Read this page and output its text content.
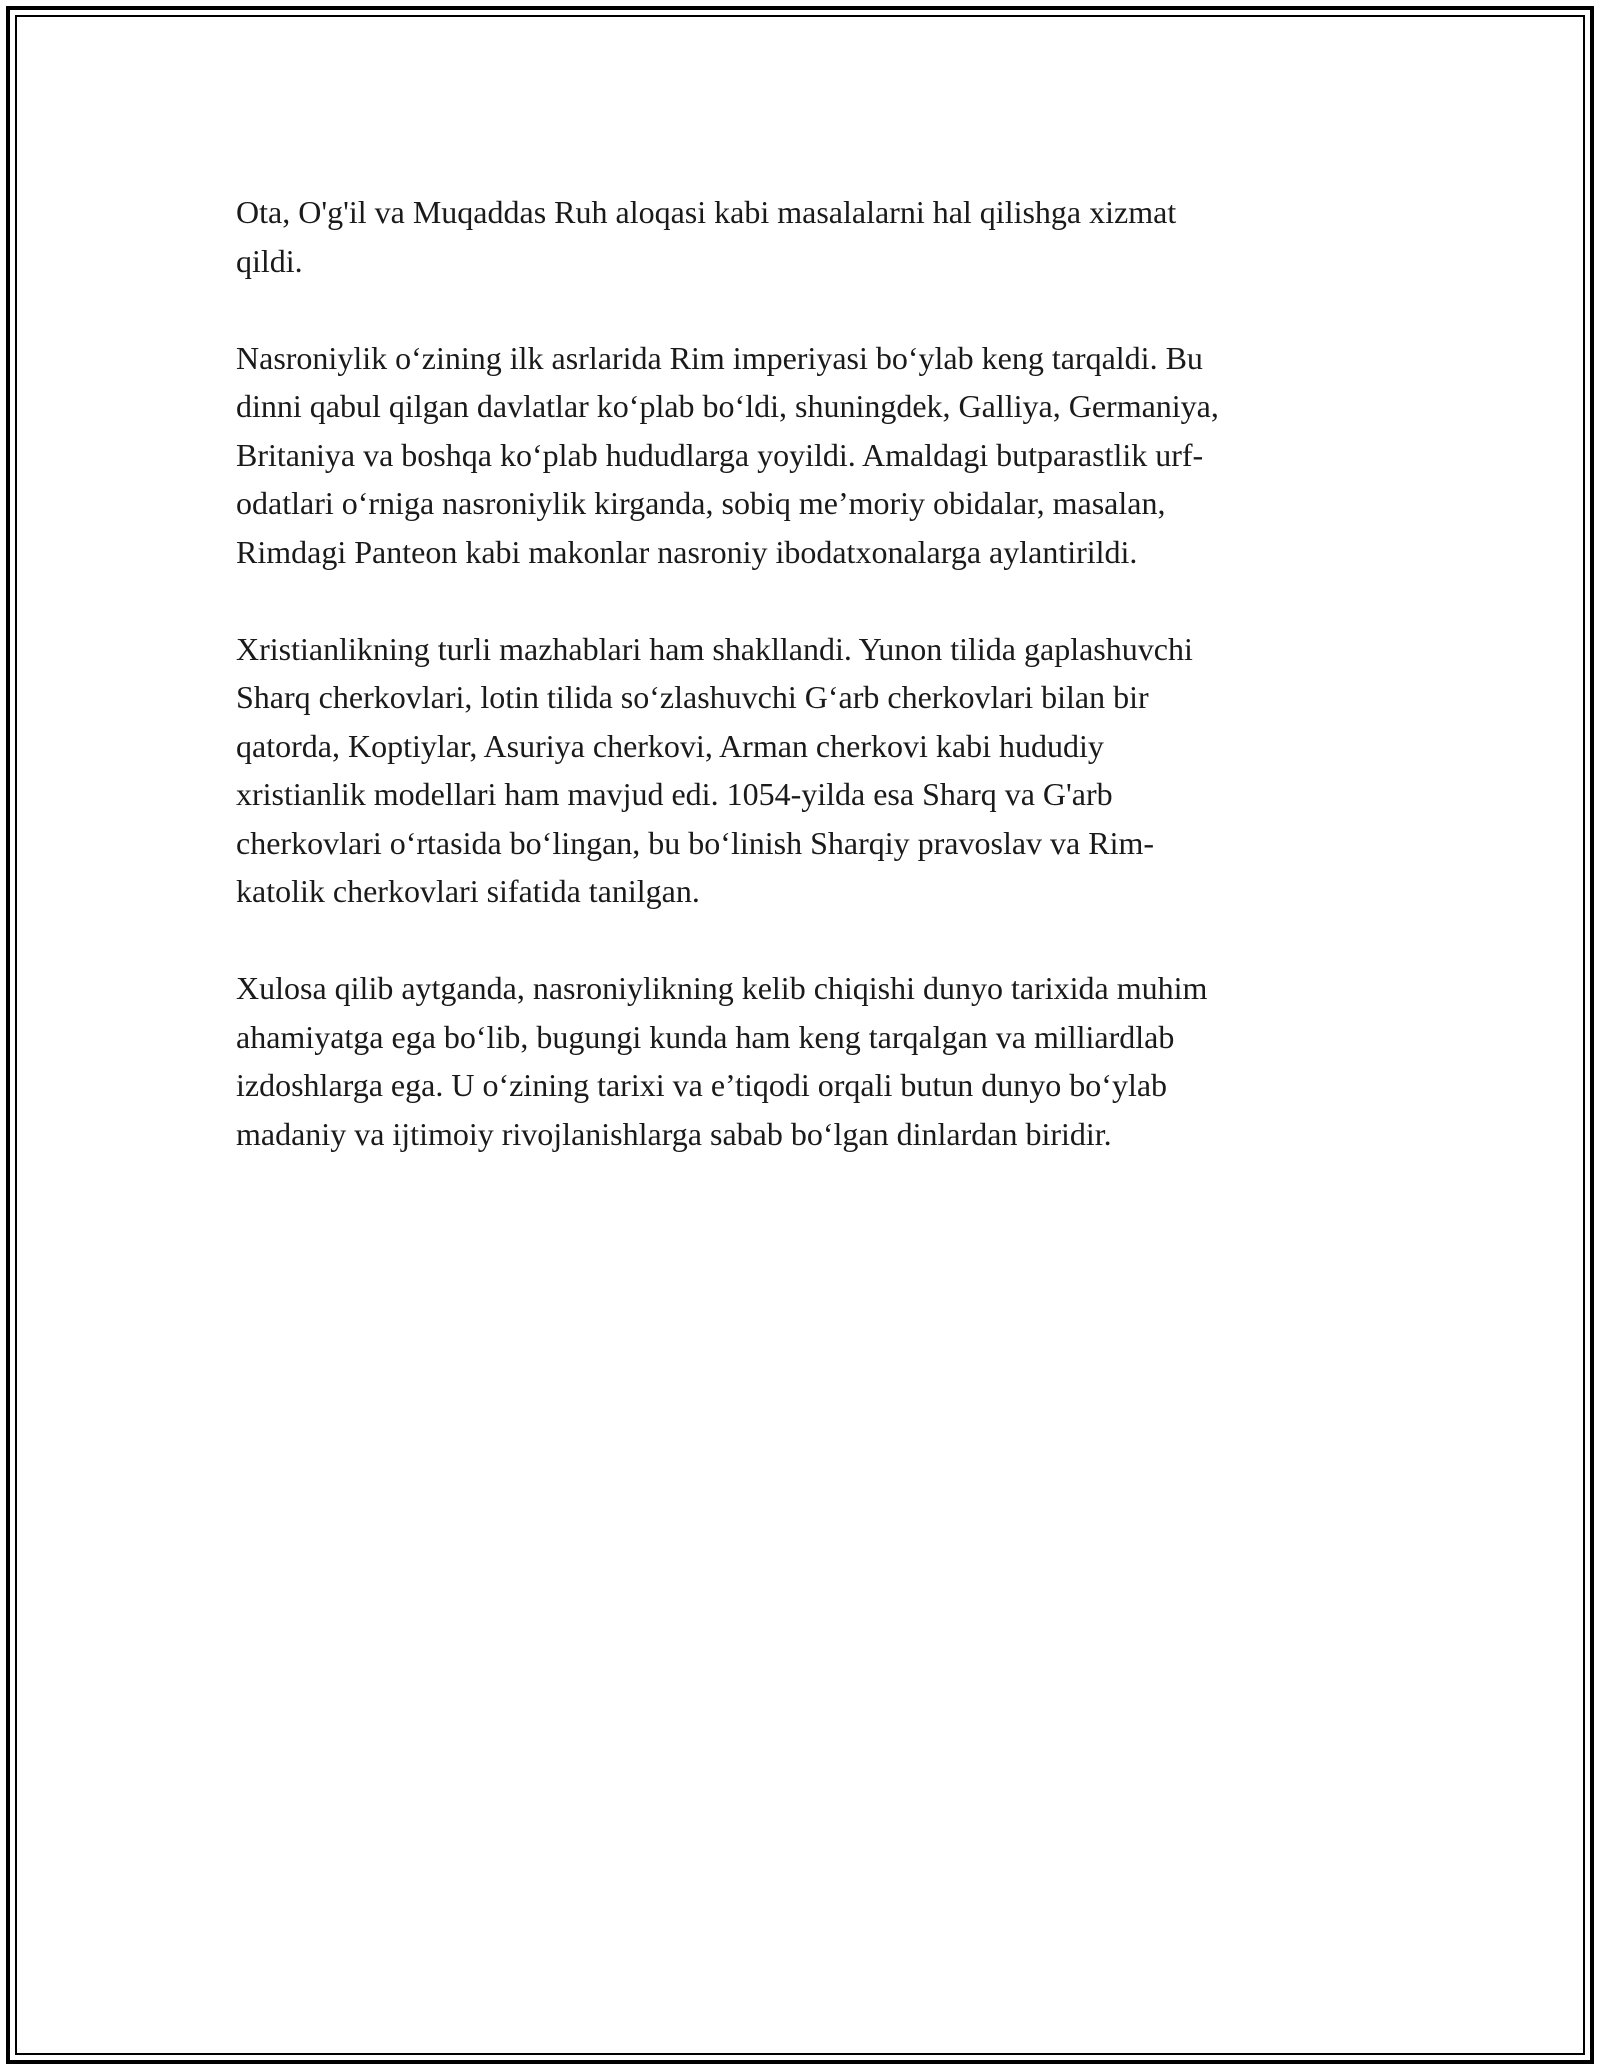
Ota, O'g'il va Muqaddas Ruh aloqasi kabi masalalarni hal qilishga xizmat
qildi.

Nasroniylik o‘zining ilk asrlarida Rim imperiyasi bo‘ylab keng tarqaldi. Bu
dinni qabul qilgan davlatlar ko‘plab bo‘ldi, shuningdek, Galliya, Germaniya,
Britaniya va boshqa ko‘plab hududlarga yoyildi. Amaldagi butparastlik urf-
odatlari o‘rniga nasroniylik kirganda, sobiq me’moriy obidalar, masalan,
Rimdagi Panteon kabi makonlar nasroniy ibodatxonalarga aylantirildi.

Xristianlikning turli mazhablari ham shakllandi. Yunon tilida gaplashuvchi
Sharq cherkovlari, lotin tilida so‘zlashuvchi G‘arb cherkovlari bilan bir
qatorda, Koptiylar, Asuriya cherkovi, Arman cherkovi kabi hududiy
xristianlik modellari ham mavjud edi. 1054-yilda esa Sharq va G'arb
cherkovlari o‘rtasida bo‘lingan, bu bo‘linish Sharqiy pravoslav va Rim-
katolik cherkovlari sifatida tanilgan.

Xulosa qilib aytganda, nasroniylikning kelib chiqishi dunyo tarixida muhim
ahamiyatga ega bo‘lib, bugungi kunda ham keng tarqalgan va milliardlab
izdoshlarga ega. U o‘zining tarixi va e’tiqodi orqali butun dunyo bo‘ylab
madaniy va ijtimoiy rivojlanishlarga sabab bo‘lgan dinlardan biridir.
